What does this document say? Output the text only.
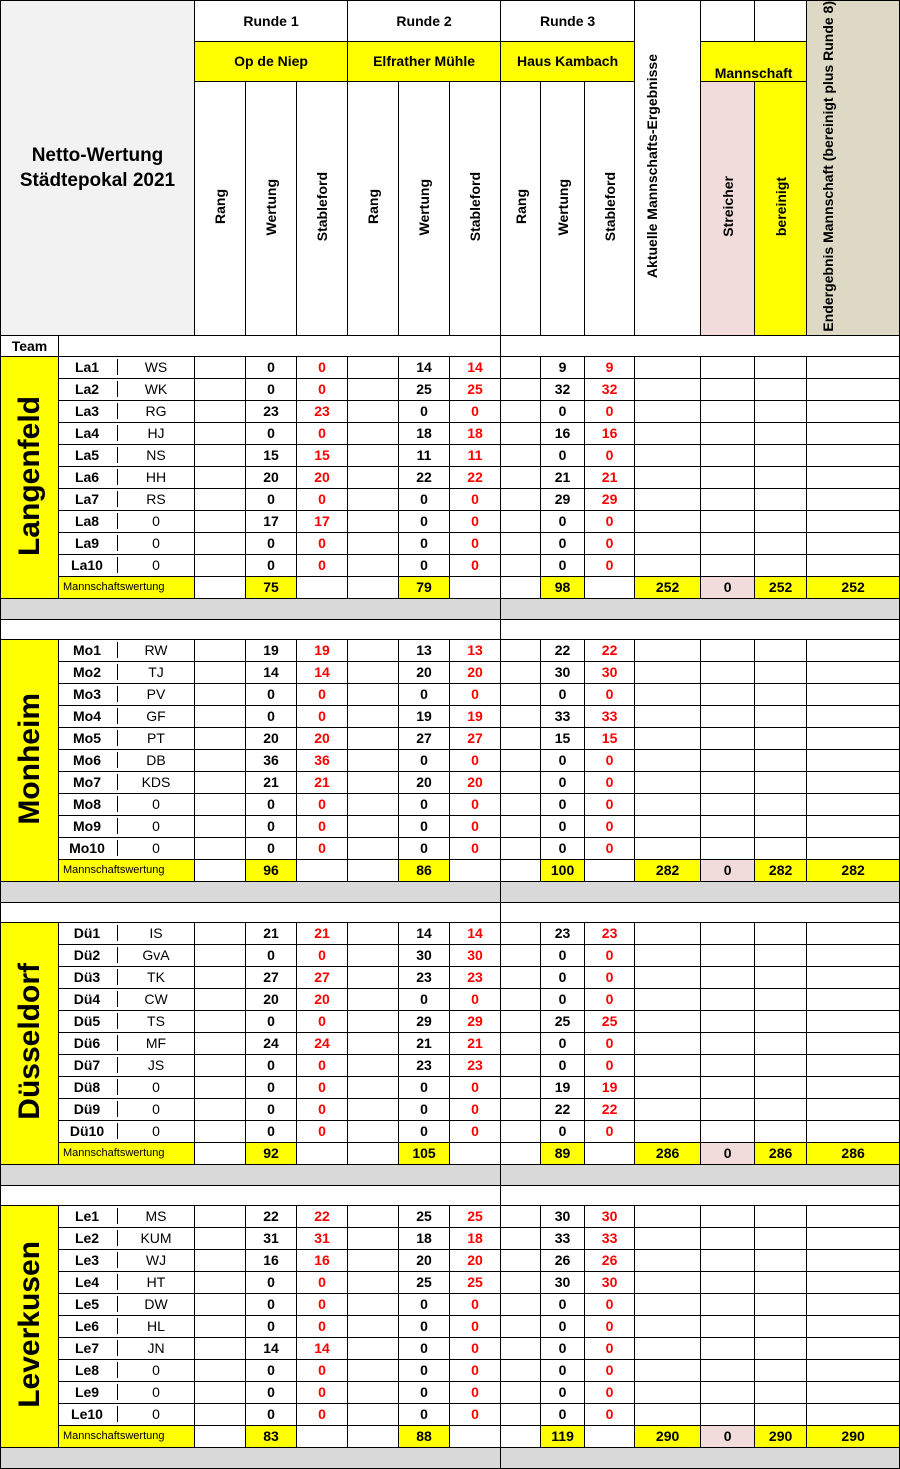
Netto-Wertung Städtepokal 2021		Runde 1			Runde 2			Runde 3			Aktuelle Mannschafts-Ergebnisse			Endergebnis Mannschaft (bereinigt plus Runde 8)
		Op de Niep			Elfrather Mühle			Haus Kambach				Mannschaft		
		Rang	Wertung	Stableford	Rang	Wertung	Stableford	Rang	Wertung	Stableford		Streicher	bereinigt	
Team														
Langenfeld	La1 WS		0	0		14	14		9	9				

	La2 WK		0	0		25	25		32	32				

	La3 RG		23	23		0	0		0	0				

	La4 HJ		0	0		18	18		16	16				

	La5 NS		15	15		11	11		0	0				

	La6 HH		20	20		22	22		21	21				

	La7 RS		0	0		0	0		29	29				

	La8 0		17	17		0	0		0	0				

	La9 0		0	0		0	0		0	0				

	La10 0		0	0		0	0		0	0				
	Mannschaftswertung		75			79			98		252	0	252	252

Monheim	Mo1 RW		19	19		13	13		22	22				

	Mo2 TJ		14	14		20	20		30	30				

	Mo3 PV		0	0		0	0		0	0				

	Mo4 GF		0	0		19	19		33	33				

	Mo5 PT		20	20		27	27		15	15				

	Mo6 DB		36	36		0	0		0	0				

	Mo7 KDS		21	21		20	20		0	0				

	Mo8 0		0	0		0	0		0	0				

	Mo9 0		0	0		0	0		0	0				

	Mo10 0		0	0		0	0		0	0				
	Mannschaftswertung		96			86			100		282	0	282	282

Düsseldorf	Dü1 IS		21	21		14	14		23	23				

	Dü2 GvA		0	0		30	30		0	0				

	Dü3 TK		27	27		23	23		0	0				

	Dü4 CW		20	20		0	0		0	0				

	Dü5 TS		0	0		29	29		25	25				

	Dü6 MF		24	24		21	21		0	0				

	Dü7 JS		0	0		23	23		0	0				

	Dü8 0		0	0		0	0		19	19				

	Dü9 0		0	0		0	0		22	22				

	Dü10 0		0	0		0	0		0	0				
	Mannschaftswertung		92			105			89		286	0	286	286

Leverkusen	Le1 MS		22	22		25	25		30	30				

	Le2 KUM		31	31		18	18		33	33				

	Le3 WJ		16	16		20	20		26	26				

	Le4 HT		0	0		25	25		30	30				

	Le5 DW		0	0		0	0		0	0				

	Le6 HL		0	0		0	0		0	0				

	Le7 JN		14	14		0	0		0	0				

	Le8 0		0	0		0	0		0	0				

	Le9 0		0	0		0	0		0	0				

	Le10 0		0	0		0	0		0	0				
	Mannschaftswertung		83			88			119		290	0	290	290
